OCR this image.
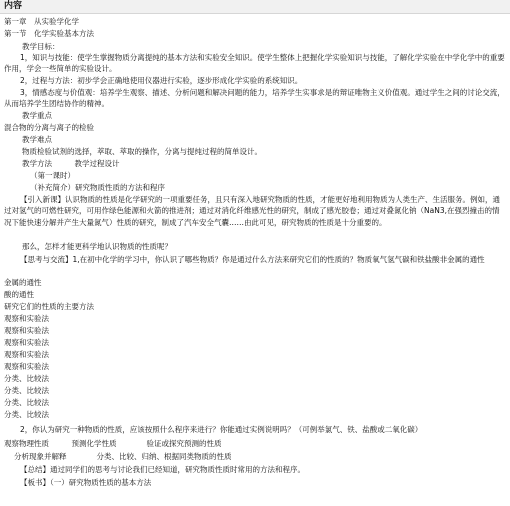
内容
第一章　从实验学化学
第一节　化学实验基本方法
教学目标：
1，知识与技能：使学生掌握物质分离提纯的基本方法和实验安全知识。使学生整体上把握化学实验知识与技能，了解化学实验在中学化学中的重要作用，学会一些简单的实验设计。
2，过程与方法：初步学会正确地使用仪器进行实验，逐步形成化学实验的系统知识。
3，情感态度与价值观：培养学生观察、描述、分析问题和解决问题的能力，培养学生实事求是的辩证唯物主义价值观。通过学生之间的讨论交流，从而培养学生团结协作的精神。
教学重点
混合物的分离与离子的检验
教学难点
物质检验试剂的选择，萃取、萃取的操作，分离与提纯过程的简单设计。
教学方法　　　教学过程设计
（第一课时）
（补充简介）研究物质性质的方法和程序
【引入新课】认识物质的性质是化学研究的一项重要任务，且只有深入地研究物质的性质，才能更好地利用物质为人类生产、生活服务。例如，通过对氢气的可燃性研究，可用作绿色能源和火箭的推进剂；通过对消化纤维感光性的研究，制成了感光胶卷；通过对叠氮化钠（NaN3,在强烈撞击的情况下能快速分解并产生大量氮气）性质的研究，制成了汽车安全气囊……由此可见，研究物质的性质是十分重要的。
那么，怎样才能更科学地认识物质的性质呢？
【思考与交流】1,在初中化学的学习中，你认识了哪些物质？你是通过什么方法来研究它们的性质的？物质氧气氢气碳和铁盐酸非金属的通性
金属的通性
酸的通性
研究它们的性质的主要方法
观察和实验法
观察和实验法
观察和实验法
观察和实验法
观察和实验法
分类、比较法
分类、比较法
分类、比较法
分类、比较法
2，你认为研究一种物质的性质，应该按照什么程序来进行？你能通过实例说明吗？（可例举氯气、铁、盐酸或二氧化碳）
观察物理性质　　　预测化学性质　　　　验证或探究预测的性质
分析现象并解释　　　　分类、比较、归纳、根据同类物质的性质
【总结】通过同学们的思考与讨论我们已经知道，研究物质性质时常用的方法和程序。
【板书】（一）研究物质性质的基本方法
